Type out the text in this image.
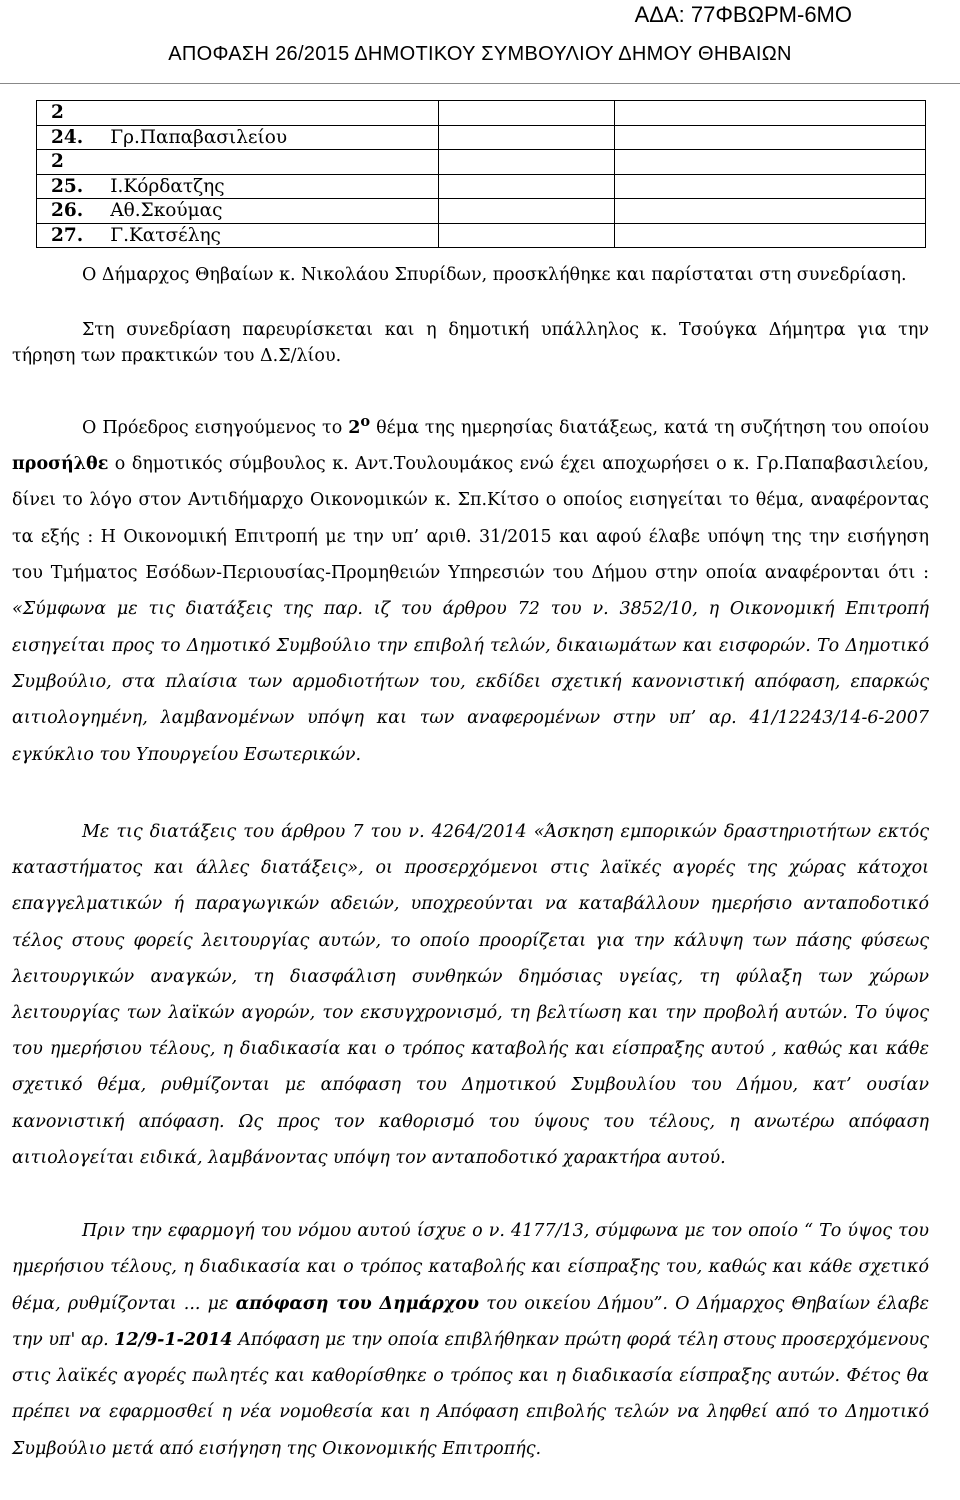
ΑΔΑ: 77ΦΒΩΡΜ-6ΜΟ
ΑΠΟΦΑΣΗ 26/2015 ΔΗΜΟΤΙΚΟΥ ΣΥΜΒΟΥΛΙΟΥ ΔΗΜΟΥ ΘΗΒΑΙΩΝ
2			
24.	Γρ.Παπαβασιλείου		
2			
25.	Ι.Κόρδατζης		
26.	Αθ.Σκούμας		
27.	Γ.Κατσέλης		

Ο Δήμαρχος Θηβαίων κ. Νικολάου Σπυρίδων, προσκλήθηκε και παρίσταται στη συνεδρίαση.

Στη συνεδρίαση παρευρίσκεται και η δημοτική υπάλληλος κ. Τσούγκα Δήμητρα για την τήρηση των πρακτικών του Δ.Σ/λίου.

Ο Πρόεδρος εισηγούμενος το $2^o$ θέμα της ημερησίας διατάξεως, κατά τη συζήτηση του οποίου προσήλθε ο δημοτικός σύμβουλος κ. Αντ.Τουλουμάκος ενώ έχει αποχωρήσει ο κ. Γρ.Παπαβασιλείου, δίνει το λόγο στον Αντιδήμαρχο Οικονομικών κ. Σπ.Κίτσο ο οποίος εισηγείται το θέμα, αναφέροντας τα εξής : Η Οικονομική Επιτροπή με την υπ’ αριθ. 31/2015 και αφού έλαβε υπόψη της την εισήγηση του Τμήματος Εσόδων-Περιουσίας-Προμηθειών Υπηρεσιών του Δήμου στην οποία αναφέρονται ότι : «Σύμφωνα με τις διατάξεις της παρ. ιζ του άρθρου 72 του ν. 3852/10, η Οικονομική Επιτροπή εισηγείται προς το Δημοτικό Συμβούλιο την επιβολή τελών, δικαιωμάτων και εισφορών. Το Δημοτικό Συμβούλιο, στα πλαίσια των αρμοδιοτήτων του, εκδίδει σχετική κανονιστική απόφαση, επαρκώς αιτιολογημένη, λαμβανομένων υπόψη και των αναφερομένων στην υπ’ αρ. 41/12243/14-6-2007 εγκύκλιο του Υπουργείου Εσωτερικών.

Με τις διατάξεις του άρθρου 7 του ν. 4264/2014 «Άσκηση εμπορικών δραστηριοτήτων εκτός καταστήματος και άλλες διατάξεις», οι προσερχόμενοι στις λαϊκές αγορές της χώρας κάτοχοι επαγγελματικών ή παραγωγικών αδειών, υποχρεούνται να καταβάλλουν ημερήσιο ανταποδοτικό τέλος στους φορείς λειτουργίας αυτών, το οποίο προορίζεται για την κάλυψη των πάσης φύσεως λειτουργικών αναγκών, τη διασφάλιση συνθηκών δημόσιας υγείας, τη φύλαξη των χώρων λειτουργίας των λαϊκών αγορών, τον εκσυγχρονισμό, τη βελτίωση και την προβολή αυτών. Το ύψος του ημερήσιου τέλους, η διαδικασία και ο τρόπος καταβολής και είσπραξης αυτού , καθώς και κάθε σχετικό θέμα, ρυθμίζονται με απόφαση του Δημοτικού Συμβουλίου του Δήμου, κατ’ ουσίαν κανονιστική απόφαση. Ως προς τον καθορισμό του ύψους του τέλους, η ανωτέρω απόφαση αιτιολογείται ειδικά, λαμβάνοντας υπόψη τον ανταποδοτικό χαρακτήρα αυτού.

Πριν την εφαρμογή του νόμου αυτού ίσχυε ο ν. 4177/13, σύμφωνα με τον οποίο “ Το ύψος του ημερήσιου τέλους, η διαδικασία και ο τρόπος καταβολής και είσπραξης του, καθώς και κάθε σχετικό θέμα, ρυθμίζονται ... με απόφαση του Δημάρχου του οικείου Δήμου”. Ο Δήμαρχος Θηβαίων έλαβε την υπ' αρ. 12/9-1-2014 Απόφαση με την οποία επιβλήθηκαν πρώτη φορά τέλη στους προσερχόμενους στις λαϊκές αγορές πωλητές και καθορίσθηκε ο τρόπος και η διαδικασία είσπραξης αυτών. Φέτος θα πρέπει να εφαρμοσθεί η νέα νομοθεσία και η Απόφαση επιβολής τελών να ληφθεί από το Δημοτικό Συμβούλιο μετά από εισήγηση της Οικονομικής Επιτροπής.
